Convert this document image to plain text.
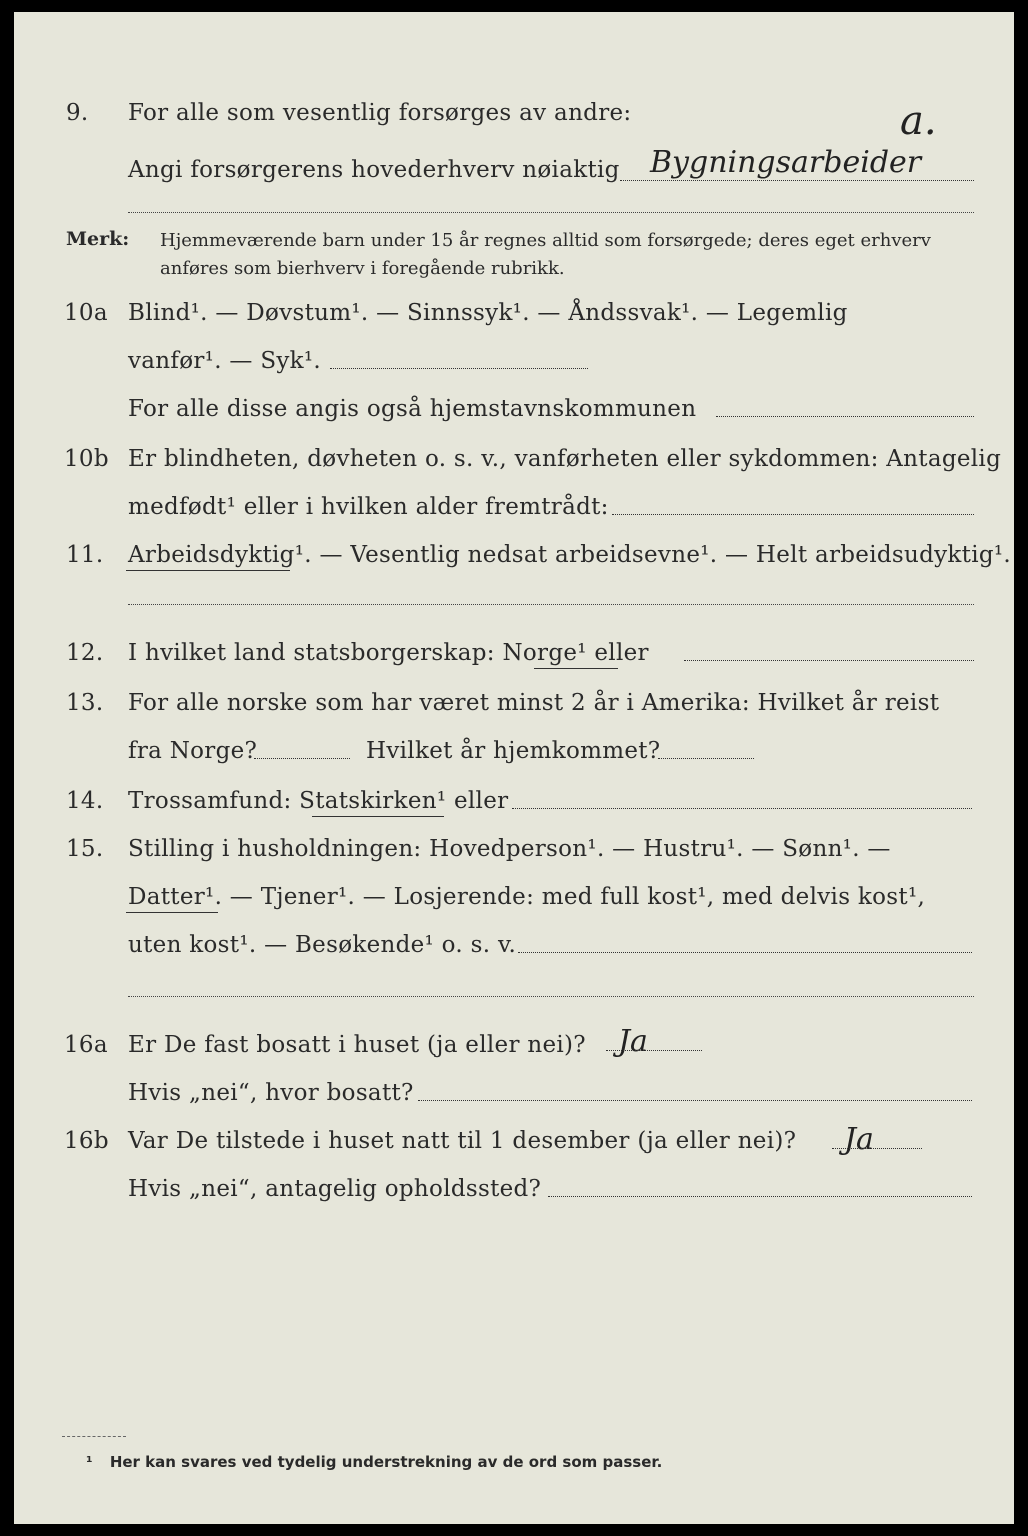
9. For alle som vesentlig forsørges av andre:	a.
Angi forsørgerens hovederhverv nøiaktig Bygningsarbeider
Merk: Hjemmeværende barn under 15 år regnes alltid som forsørgede; deres eget erhverv
anføres som bierhverv i foregående rubrikk.
10a Blind¹. — Døvstum¹. — Sinnssyk¹. — Åndssvak¹. — Legemlig
vanfør¹. — Syk¹.
For alle disse angis også hjemstavnskommunen
10b Er blindheten, døvheten o. s. v., vanførheten eller sykdommen: Antagelig
medfødt¹ eller i hvilken alder fremtrådt:
11. Arbeidsdyktig¹. — Vesentlig nedsat arbeidsevne¹. — Helt arbeidsudyktig¹.
12. I hvilket land statsborgerskap: Norge¹ eller
13. For alle norske som har været minst 2 år i Amerika: Hvilket år reist
fra Norge?	Hvilket år hjemkommet?
14. Trossamfund: Statskirken¹ eller
15. Stilling i husholdningen: Hovedperson¹. — Hustru¹. — Sønn¹. —
Datter¹. — Tjener¹. — Losjerende: med full kost¹, med delvis kost¹,
uten kost¹. — Besøkende¹ o. s. v.
16a Er De fast bosatt i huset (ja eller nei)? Ja
Hvis „nei“, hvor bosatt?
16b Var De tilstede i huset natt til 1 desember (ja eller nei)? Ja
Hvis „nei“, antagelig opholdssted?
¹ Her kan svares ved tydelig understrekning av de ord som passer.
